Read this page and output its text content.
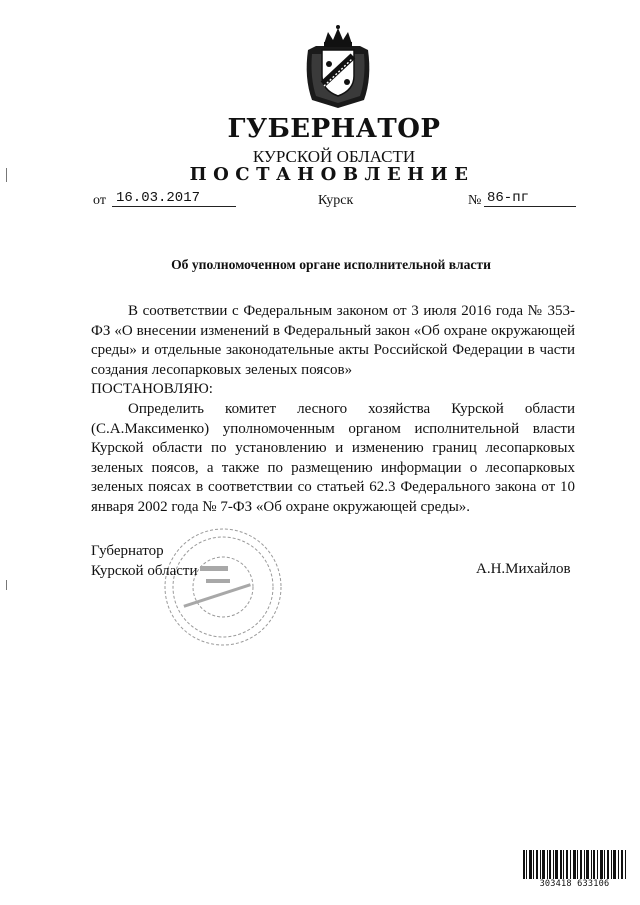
ГУБЕРНАТОР
КУРСКОЙ ОБЛАСТИ
ПОСТАНОВЛЕНИЕ
от 16.03.2017	Курск	№ 86-пг
Об уполномоченном органе исполнительной власти

В соответствии с Федеральным законом от 3 июля 2016 года № 353-ФЗ «О внесении изменений в Федеральный закон «Об охране окружающей среды» и отдельные законодательные акты Российской Федерации в части создания лесопарковых зеленых поясов»

ПОСТАНОВЛЯЮ:

Определить комитет лесного хозяйства Курской области (С.А.Максименко) уполномоченным органом исполнительной власти Курской области по установлению и изменению границ лесопарковых зеленых поясов, а также по размещению информации о лесопарковых зеленых поясах в соответствии со статьей 62.3 Федерального закона от 10 января 2002 года № 7-ФЗ «Об охране окружающей среды».

Губернатор
Курской области	А.Н.Михайлов
303418 633106
